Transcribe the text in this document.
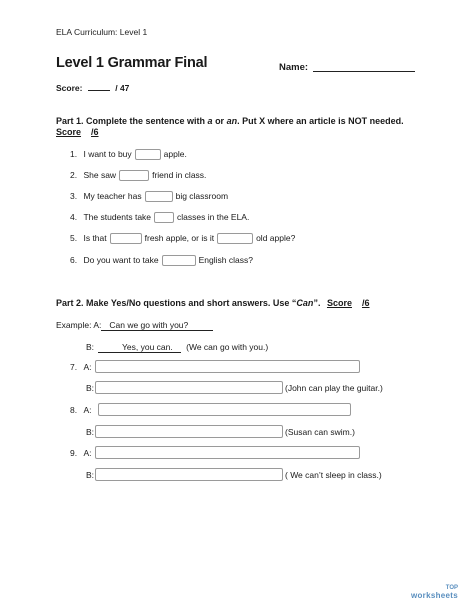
ELA Curriculum: Level 1
Level 1 Grammar Final	Name:
Score:	/ 47
Part 1. Complete the sentence with a or an. Put X where an article is NOT needed.
Score /6
1. I want to buy	apple.
2. She saw	friend in class.
3. My teacher has	big classroom
4. The students take	classes in the ELA.
5. Is that	fresh apple, or is it	old apple?
6. Do you want to take	English class?
Part 2. Make Yes/No questions and short answers. Use “Can”. Score /6
Example: A: Can we go with you?
B:	Yes, you can. (We can go with you.)
7. A:
B:	(John can play the guitar.)
8. A:
B:	(Susan can swim.)
9. A:
B:	( We can’t sleep in class.)
TOP
worksheets
